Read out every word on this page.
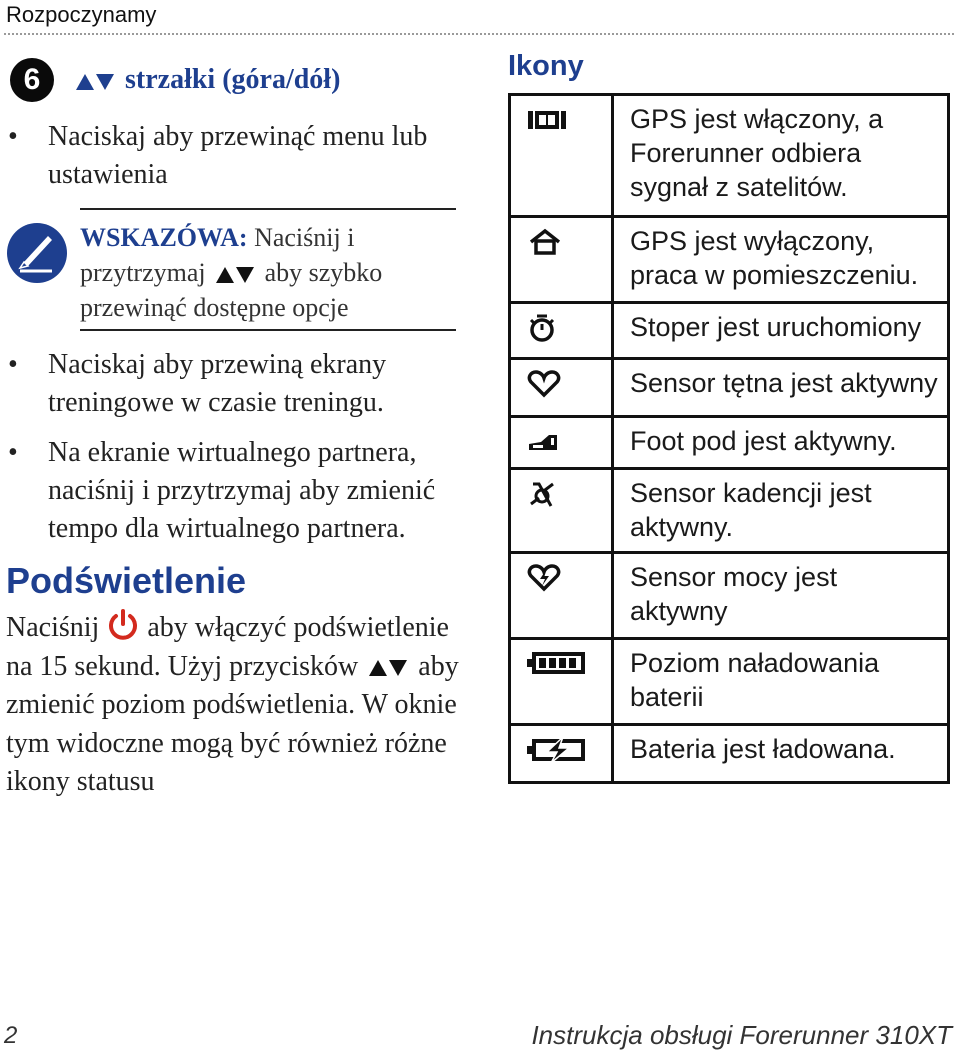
Rozpoczynamy
6	strzałki (góra/dół)
•	Naciskaj aby przewinąć menu lub ustawienia
WSKAZÓWA: Naciśnij i przytrzymaj aby szybko przewinąć dostępne opcje
•	Naciskaj aby przewiną ekrany treningowe w czasie treningu.
•	Na ekranie wirtualnego partnera, naciśnij i przytrzymaj aby zmienić tempo dla wirtualnego partnera.
Podświetlenie
Naciśnij aby włączyć podświetlenie na 15 sekund. Użyj przycisków aby zmienić poziom podświetlenia. W oknie tym widoczne mogą być również różne ikony statusu
Ikony
	GPS jest włączony, a Forerunner odbiera sygnał z satelitów.

	GPS jest wyłączony, praca w pomieszczeniu.

	Stoper jest uruchomiony

	Sensor tętna jest aktywny

	Foot pod jest aktywny.

	Sensor kadencji jest aktywny.

	Sensor mocy jest aktywny

	Poziom naładowania baterii

	Bateria jest ładowana.
2	Instrukcja obsługi Forerunner 310XT
